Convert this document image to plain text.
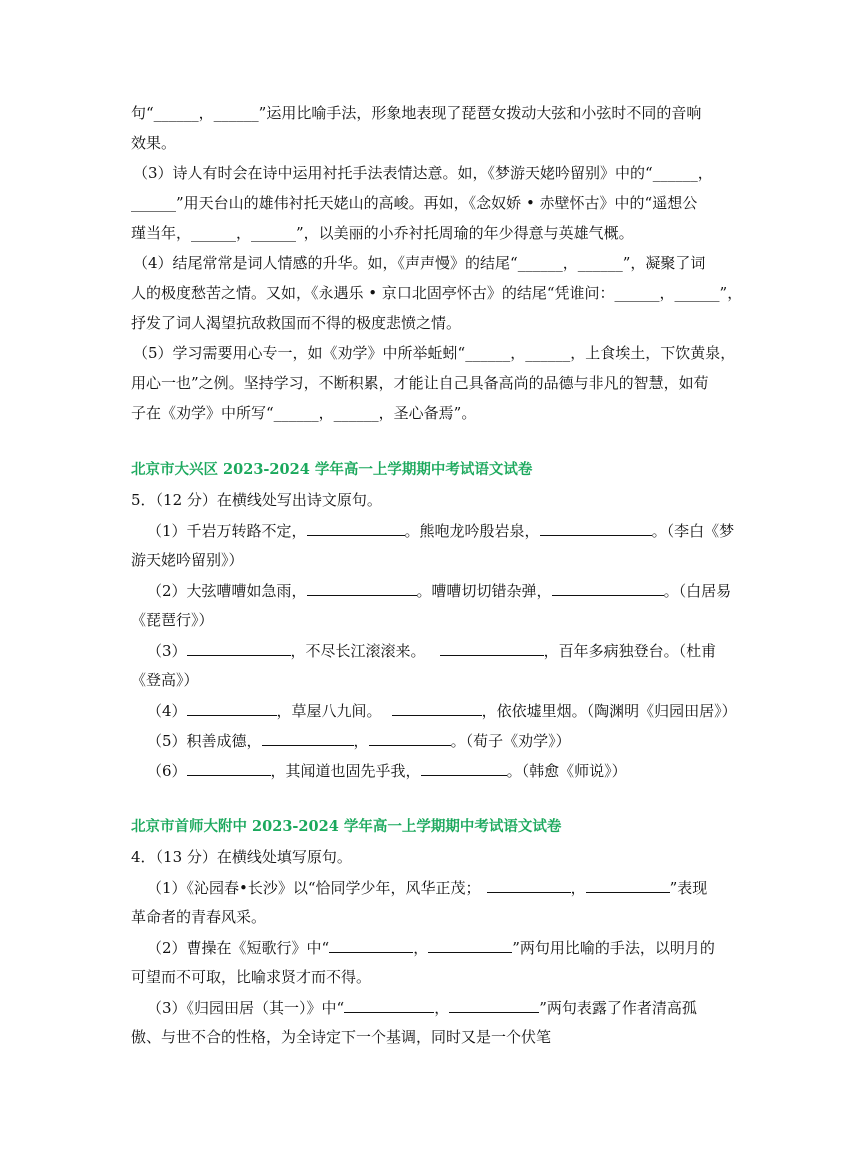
句“______，______”运用比喻手法，形象地表现了琵琶女拨动大弦和小弦时不同的音响
效果。
（3）诗人有时会在诗中运用衬托手法表情达意。如，《梦游天姥吟留别》中的“______，
______”用天台山的雄伟衬托天姥山的高峻。再如，《念奴娇 • 赤壁怀古》中的“遥想公
瑾当年，______，______”，以美丽的小乔衬托周瑜的年少得意与英雄气概。
（4）结尾常常是词人情感的升华。如，《声声慢》的结尾“______，______”，凝聚了词
人的极度愁苦之情。又如，《永遇乐 • 京口北固亭怀古》的结尾“凭谁问：______，______”，
抒发了词人渴望抗敌救国而不得的极度悲愤之情。
（5）学习需要用心专一，如《劝学》中所举蚯蚓“______，______，上食埃土，下饮黄泉，
用心一也”之例。坚持学习，不断积累，才能让自己具备高尚的品德与非凡的智慧，如荀
子在《劝学》中所写“______，______，圣心备焉”。
北京市大兴区 2023-2024 学年高一上学期期中考试语文试卷
5．（12 分）在横线处写出诗文原句。
（1）千岩万转路不定，	。熊咆龙吟殷岩泉，	。（李白《梦
游天姥吟留别》）
（2）大弦嘈嘈如急雨，	。嘈嘈切切错杂弹，	。（白居易
《琵琶行》）
（3）	，不尽长江滚滚来。	，百年多病独登台。（杜甫
《登高》）
（4）	，草屋八九间。	，依依墟里烟。（陶渊明《归园田居》）
（5）积善成德，	，	。（荀子《劝学》）
（6）	，其闻道也固先乎我，	。（韩愈《师说》）
北京市首师大附中 2023-2024 学年高一上学期期中考试语文试卷
4．（13 分）在横线处填写原句。
（1）《沁园春•长沙》以“恰同学少年，风华正茂；	，	”表现
革命者的青春风采。
（2）曹操在《短歌行》中“	，	”两句用比喻的手法，以明月的
可望而不可取，比喻求贤才而不得。
（3）《归园田居（其一）》中“	，	”两句表露了作者清高孤
傲、与世不合的性格，为全诗定下一个基调，同时又是一个伏笔
